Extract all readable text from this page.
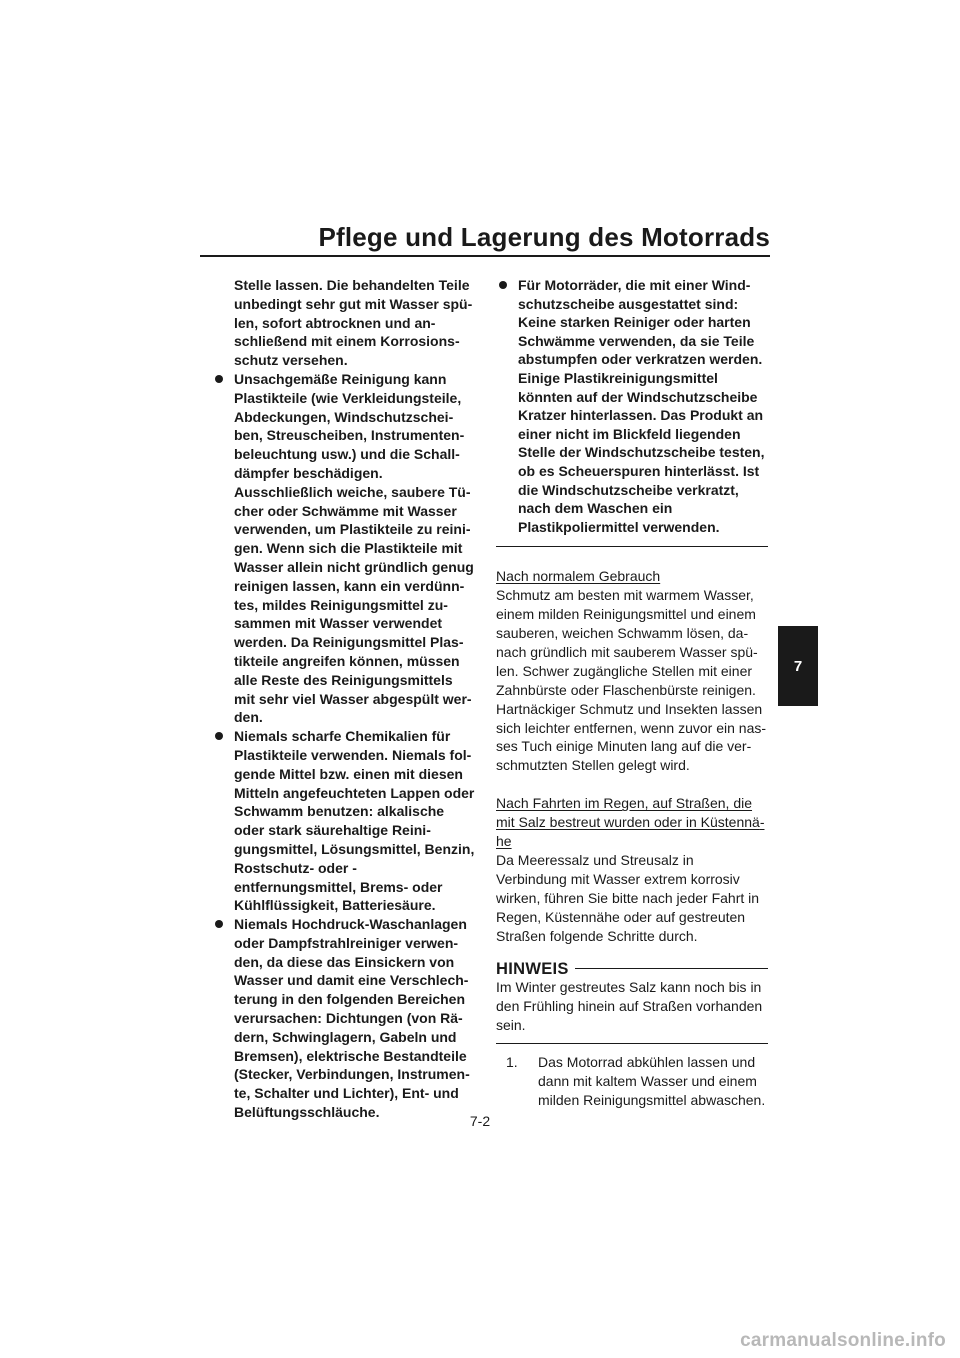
Pflege und Lagerung des Motorrads

Stelle lassen. Die behandelten Teile unbedingt sehr gut mit Wasser spülen, sofort abtrocknen und anschließend mit einem Korrosionsschutz versehen.

Unsachgemäße Reinigung kann Plastikteile (wie Verkleidungsteile, Abdeckungen, Windschutzscheiben, Streuscheiben, Instrumentenbeleuchtung usw.) und die Schalldämpfer beschädigen. Ausschließlich weiche, saubere Tücher oder Schwämme mit Wasser verwenden, um Plastikteile zu reinigen. Wenn sich die Plastikteile mit Wasser allein nicht gründlich genug reinigen lassen, kann ein verdünntes, mildes Reinigungsmittel zusammen mit Wasser verwendet werden. Da Reinigungsmittel Plastikteile angreifen können, müssen alle Reste des Reinigungsmittels mit sehr viel Wasser abgespült werden.
Niemals scharfe Chemikalien für Plastikteile verwenden. Niemals folgende Mittel bzw. einen mit diesen Mitteln angefeuchteten Lappen oder Schwamm benutzen: alkalische oder stark säurehaltige Reinigungsmittel, Lösungsmittel, Benzin, Rostschutz- oder -entfernungsmittel, Brems- oder Kühlflüssigkeit, Batteriesäure.
Niemals Hochdruck-Waschanlagen oder Dampfstrahlreiniger verwenden, da diese das Einsickern von Wasser und damit eine Verschlechterung in den folgenden Bereichen verursachen: Dichtungen (von Rädern, Schwinglagern, Gabeln und Bremsen), elektrische Bestandteile (Stecker, Verbindungen, Instrumente, Schalter und Lichter), Ent- und Belüftungsschläuche.
Für Motorräder, die mit einer Windschutzscheibe ausgestattet sind: Keine starken Reiniger oder harten Schwämme verwenden, da sie Teile abstumpfen oder verkratzen werden. Einige Plastikreinigungsmittel könnten auf der Windschutzscheibe Kratzer hinterlassen. Das Produkt an einer nicht im Blickfeld liegenden Stelle der Windschutzscheibe testen, ob es Scheuerspuren hinterlässt. Ist die Windschutzscheibe verkratzt, nach dem Waschen ein Plastikpoliermittel verwenden.

Nach normalem Gebrauch

Schmutz am besten mit warmem Wasser, einem milden Reinigungsmittel und einem sauberen, weichen Schwamm lösen, danach gründlich mit sauberem Wasser spülen. Schwer zugängliche Stellen mit einer Zahnbürste oder Flaschenbürste reinigen. Hartnäckiger Schmutz und Insekten lassen sich leichter entfernen, wenn zuvor ein nasses Tuch einige Minuten lang auf die verschmutzten Stellen gelegt wird.

Nach Fahrten im Regen, auf Straßen, die mit Salz bestreut wurden oder in Küstennähe

Da Meeressalz und Streusalz in Verbindung mit Wasser extrem korrosiv wirken, führen Sie bitte nach jeder Fahrt in Regen, Küstennähe oder auf gestreuten Straßen folgende Schritte durch.

HINWEIS

Im Winter gestreutes Salz kann noch bis in den Frühling hinein auf Straßen vorhanden sein.

1. Das Motorrad abkühlen lassen und dann mit kaltem Wasser und einem milden Reinigungsmittel abwaschen.
7
7-2
carmanualsonline.info
